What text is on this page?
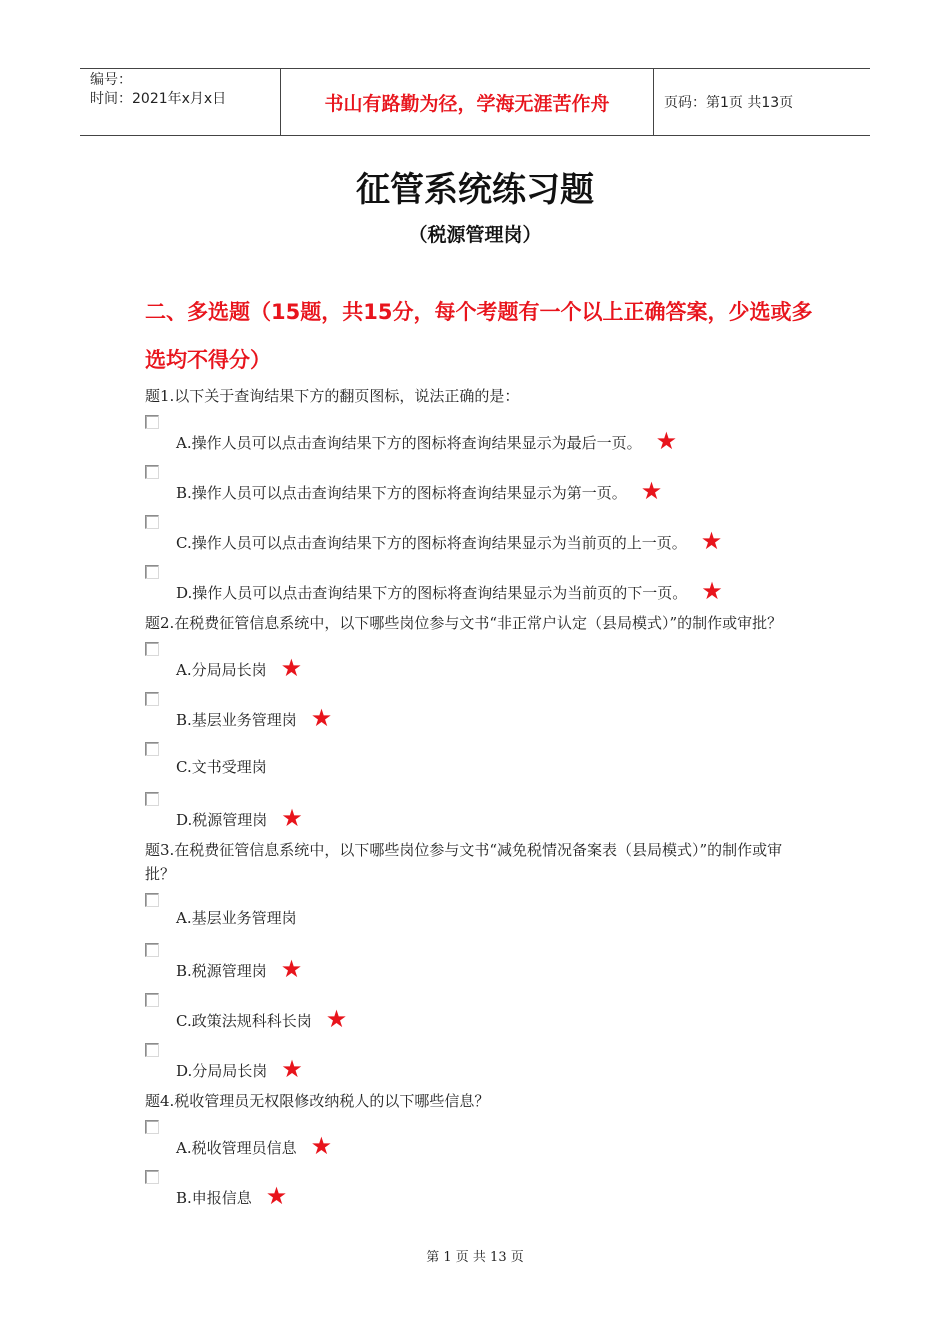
编号：
时间：2021年x月x日	书山有路勤为径，学海无涯苦作舟	页码：第1页 共13页
征管系统练习题
（税源管理岗）
二、多选题（15题，共15分，每个考题有一个以上正确答案，少选或多选均不得分）
题1.以下关于查询结果下方的翻页图标，说法正确的是：
A.操作人员可以点击查询结果下方的图标将查询结果显示为最后一页。 ★
B.操作人员可以点击查询结果下方的图标将查询结果显示为第一页。 ★
C.操作人员可以点击查询结果下方的图标将查询结果显示为当前页的上一页。 ★
D.操作人员可以点击查询结果下方的图标将查询结果显示为当前页的下一页。 ★
题2.在税费征管信息系统中，以下哪些岗位参与文书“非正常户认定（县局模式）”的制作或审批？
A.分局局长岗 ★
B.基层业务管理岗 ★
C.文书受理岗
D.税源管理岗 ★
题3.在税费征管信息系统中，以下哪些岗位参与文书“减免税情况备案表（县局模式）”的制作或审批？
A.基层业务管理岗
B.税源管理岗 ★
C.政策法规科科长岗 ★
D.分局局长岗 ★
题4.税收管理员无权限修改纳税人的以下哪些信息？
A.税收管理员信息 ★
B.申报信息 ★
第 1 页 共 13 页
